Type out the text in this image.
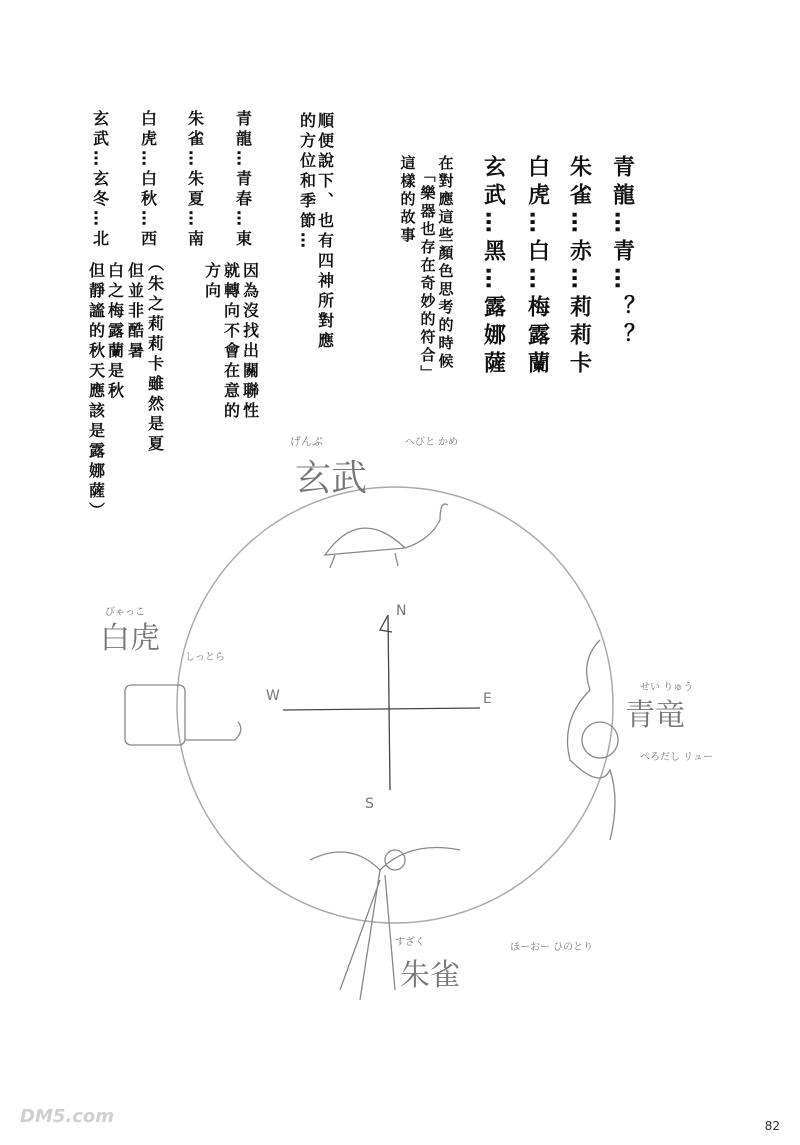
青龍…青…？？
朱雀…赤…莉莉卡
白虎…白…梅露蘭
玄武…黑…露娜薩
在對應這些顏色思考的時候
「樂器也存在奇妙的符合」
這樣的故事
順便說下、也有四神所對應
的方位和季節…
青龍…青春…東
朱雀…朱夏…南
白虎…白秋…西
玄武…玄冬…北
因為沒找出關聯性
就轉向不會在意的
方向
（朱之莉莉卡雖然是夏
但並非酷暑
白之梅露蘭是秋
但靜謐的秋天應該是露娜薩）
N
E
S
W
げんぶ	へびと かめ
玄武
せい りゅう
青竜
ぺろだし リュー
びゃっこ
白虎
しっとら
すざく
朱雀
ほーおー ひのとり
DM5.com	82
